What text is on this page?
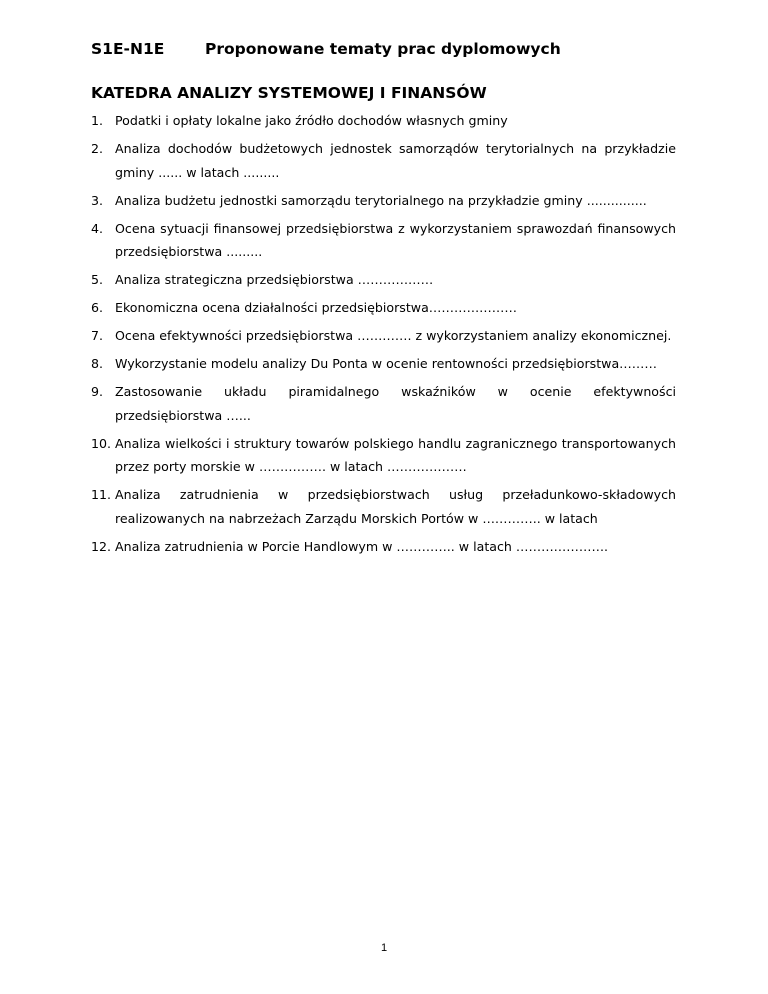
S1E-N1E	Proponowane tematy prac dyplomowych
KATEDRA ANALIZY SYSTEMOWEJ I FINANSÓW
1. Podatki i opłaty lokalne jako źródło dochodów własnych gminy
2. Analiza dochodów budżetowych jednostek samorządów terytorialnych na przykładzie gminy ...... w latach .........
3. Analiza budżetu jednostki samorządu terytorialnego na przykładzie gminy ...............
4. Ocena sytuacji finansowej przedsiębiorstwa z wykorzystaniem sprawozdań finansowych przedsiębiorstwa .........
5. Analiza strategiczna przedsiębiorstwa ………………
6. Ekonomiczna ocena działalności przedsiębiorstwa…………………
7. Ocena efektywności przedsiębiorstwa …………. z wykorzystaniem analizy ekonomicznej.
8. Wykorzystanie modelu analizy Du Ponta w ocenie rentowności przedsiębiorstwa………
9. Zastosowanie układu piramidalnego wskaźników w ocenie efektywności przedsiębiorstwa …...
10. Analiza wielkości i struktury towarów polskiego handlu zagranicznego transportowanych przez porty morskie w ……………. w latach ……………….
11. Analiza zatrudnienia w przedsiębiorstwach usług przeładunkowo-składowych realizowanych na nabrzeżach Zarządu Morskich Portów w ………….. w latach
12. Analiza zatrudnienia w Porcie Handlowym w ………….. w latach ………………….
1
